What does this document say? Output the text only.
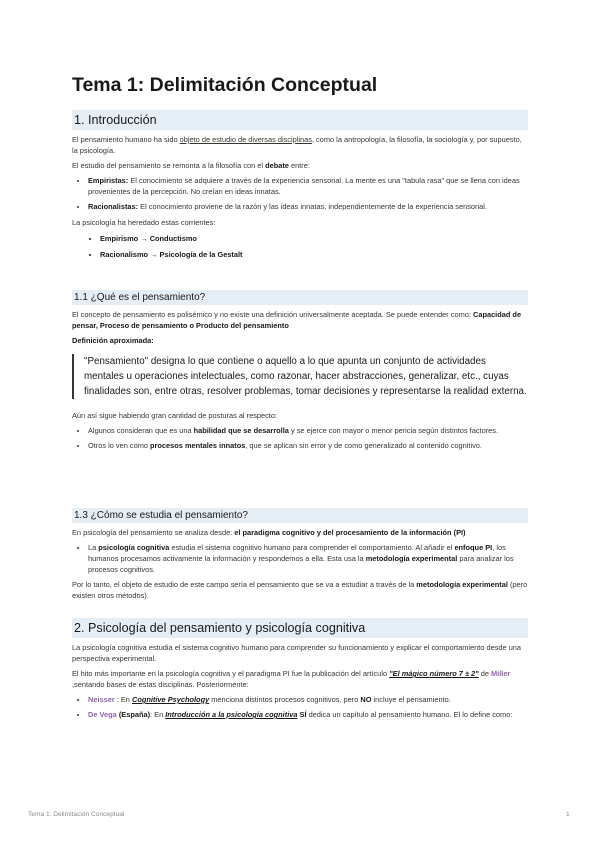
Tema 1: Delimitación Conceptual
1. Introducción

El pensamiento humano ha sido objeto de estudio de diversas disciplinas, como la antropología, la filosofía, la sociología y, por supuesto, la psicología.

El estudio del pensamiento se remonta a la filosofía con el debate entre:

• Empiristas: El conocimiento se adquiere a través de la experiencia sensorial. La mente es una "tabula rasa" que se llena con ideas provenientes de la percepción. No creían en ideas innatas.
• Racionalistas: El conocimiento proviene de la razón y las ideas innatas, independientemente de la experiencia sensorial.

La psicología ha heredado estas corrientes:

• Empirismo → Conductismo
• Racionalismo → Psicología de la Gestalt
1.1 ¿Qué es el pensamiento?

El concepto de pensamiento es polisémico y no existe una definición universalmente aceptada. Se puede entender como: Capacidad de pensar, Proceso de pensamiento o Producto del pensamiento

Definición aproximada:

"Pensamiento" designa lo que contiene o aquello a lo que apunta un conjunto de actividades mentales u operaciones intelectuales, como razonar, hacer abstracciones, generalizar, etc., cuyas finalidades son, entre otras, resolver problemas, tomar decisiones y representarse la realidad externa.

Aún así sigue habiendo gran cantidad de posturas al respecto:

• Algunos consideran que es una habilidad que se desarrolla y se ejerce con mayor o menor pericia según distintos factores.
• Otros lo ven como procesos mentales innatos, que se aplican sin error y de como generalizado al contenido cognitivo.
1.3 ¿Cómo se estudia el pensamiento?

En psicología del pensamiento se analiza desde: el paradigma cognitivo y del procesamiento de la información (PI)

• La psicología cognitiva estudia el sistema cognitivo humano para comprender el comportamiento. Al añadir el enfoque PI, los humanos procesamos activamente la información y respondemos a ella. Esta usa la metodología experimental para analizar los procesos cognitivos.

Por lo tanto, el objeto de estudio de este campo sería el pensamiento que se va a estudiar a través de la metodología experimental (pero existen otros métodos).

2. Psicología del pensamiento y psicología cognitiva

La psicología cognitiva estudia el sistema cognitivo humano para comprender su funcionamiento y explicar el comportamiento desde una perspectiva experimental.

El hito más importante en la psicología cognitiva y el paradigma PI fue la publicación del artículo "El mágico número 7 ± 2" de Miller ,sentando bases de estas disciplinas. Posteriormente:

• Neisser : En Cognitive Psychology menciona distintos procesos cognitivos, pero NO incluye el pensamiento.
• De Vega (España): En Introducción a la psicología cognitiva SÍ dedica un capítulo al pensamiento humano. El lo define como:
Tema 1: Delimitación Conceptual	1
